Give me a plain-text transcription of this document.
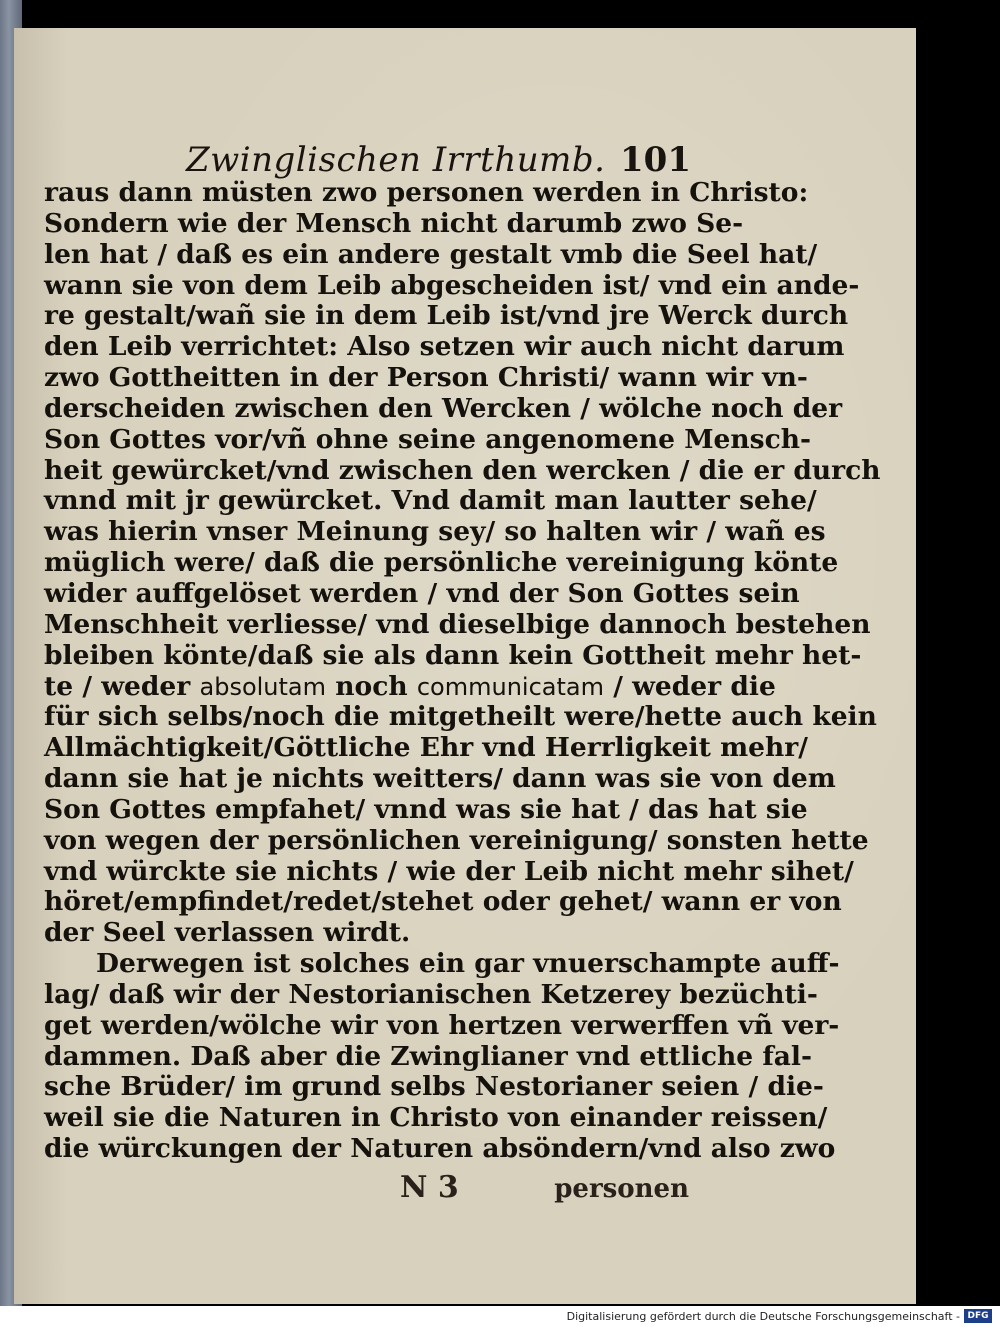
Zwinglischen Irrthumb. 101
raus dann müsten zwo personen werden in Christo:
Sondern wie der Mensch nicht darumb zwo Se-
len hat / daß es ein andere gestalt vmb die Seel hat/
wann sie von dem Leib abgescheiden ist/ vnd ein ande-
re gestalt/wañ sie in dem Leib ist/vnd jre Werck durch
den Leib verrichtet: Also setzen wir auch nicht darum
zwo Gottheitten in der Person Christi/ wann wir vn-
derscheiden zwischen den Wercken / wölche noch der
Son Gottes vor/vñ ohne seine angenomene Mensch-
heit gewürcket/vnd zwischen den wercken / die er durch
vnnd mit jr gewürcket. Vnd damit man lautter sehe/
was hierin vnser Meinung sey/ so halten wir / wañ es
müglich were/ daß die persönliche vereinigung könte
wider auffgelöset werden / vnd der Son Gottes sein
Menschheit verliesse/ vnd dieselbige dannoch bestehen
bleiben könte/daß sie als dann kein Gottheit mehr het-
te / weder absolutam noch communicatam / weder die
für sich selbs/noch die mitgetheilt were/hette auch kein
Allmächtigkeit/Göttliche Ehr vnd Herrligkeit mehr/
dann sie hat je nichts weitters/ dann was sie von dem
Son Gottes empfahet/ vnnd was sie hat / das hat sie
von wegen der persönlichen vereinigung/ sonsten hette
vnd würckte sie nichts / wie der Leib nicht mehr sihet/
höret/empfindet/redet/stehet oder gehet/ wann er von
der Seel verlassen wirdt.
Derwegen ist solches ein gar vnuerschampte auff-
lag/ daß wir der Nestorianischen Ketzerey bezüchti-
get werden/wölche wir von hertzen verwerffen vñ ver-
dammen. Daß aber die Zwinglianer vnd ettliche fal-
sche Brüder/ im grund selbs Nestorianer seien / die-
weil sie die Naturen in Christo von einander reissen/
die würckungen der Naturen absöndern/vnd also zwo
N 3	personen
Digitalisierung gefördert durch die Deutsche Forschungsgemeinschaft - DFG
